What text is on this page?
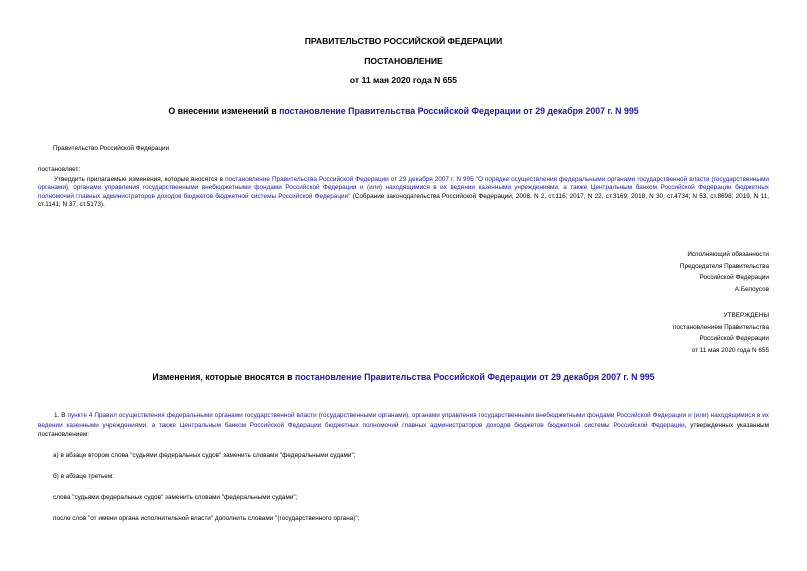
ПРАВИТЕЛЬСТВО РОССИЙСКОЙ ФЕДЕРАЦИИ
ПОСТАНОВЛЕНИЕ
от 11 мая 2020 года N 655
О внесении изменений в постановление Правительства Российской Федерации от 29 декабря 2007 г. N 995
Правительство Российской Федерации
постановляет:
Утвердить прилагаемые изменения, которые вносятся в постановление Правительства Российской Федерации от 29 декабря 2007 г. N 995 "О порядке осуществления федеральными органами государственной власти (государственными органами), органами управления государственными внебюджетными фондами Российской Федерации и (или) находящимися в их ведении казенными учреждениями, а также Центральным банком Российской Федерации бюджетных полномочий главных администраторов доходов бюджетов бюджетной системы Российской Федерации" (Собрание законодательства Российской Федерации, 2008, N 2, ст.116; 2017, N 22, ст.3169; 2018, N 30, ст.4734; N 53, ст.8698; 2019, N 11, ст.1141; N 37, ст.5173).
Исполняющий обязанности
Председателя Правительства
Российской Федерации
А.Белоусов
УТВЕРЖДЕНЫ
постановлением Правительства
Российской Федерации
от 11 мая 2020 года N 655
Изменения, которые вносятся в постановление Правительства Российской Федерации от 29 декабря 2007 г. N 995
1. В пункте 4 Правил осуществления федеральными органами государственной власти (государственными органами), органами управления государственными внебюджетными фондами Российской Федерации и (или) находящимися в их ведении казенными учреждениями, а также Центральным банком Российской Федерации бюджетных полномочий главных администраторов доходов бюджетов бюджетной системы Российской Федерации, утвержденных указанным постановлением:
а) в абзаце втором слова "судьями федеральных судов" заменить словами "федеральными судами";
б) в абзаце третьем:
слова "судьями федеральных судов" заменить словами "федеральными судами";
после слов "от имени органа исполнительной власти" дополнить словами "(государственного органа)";
